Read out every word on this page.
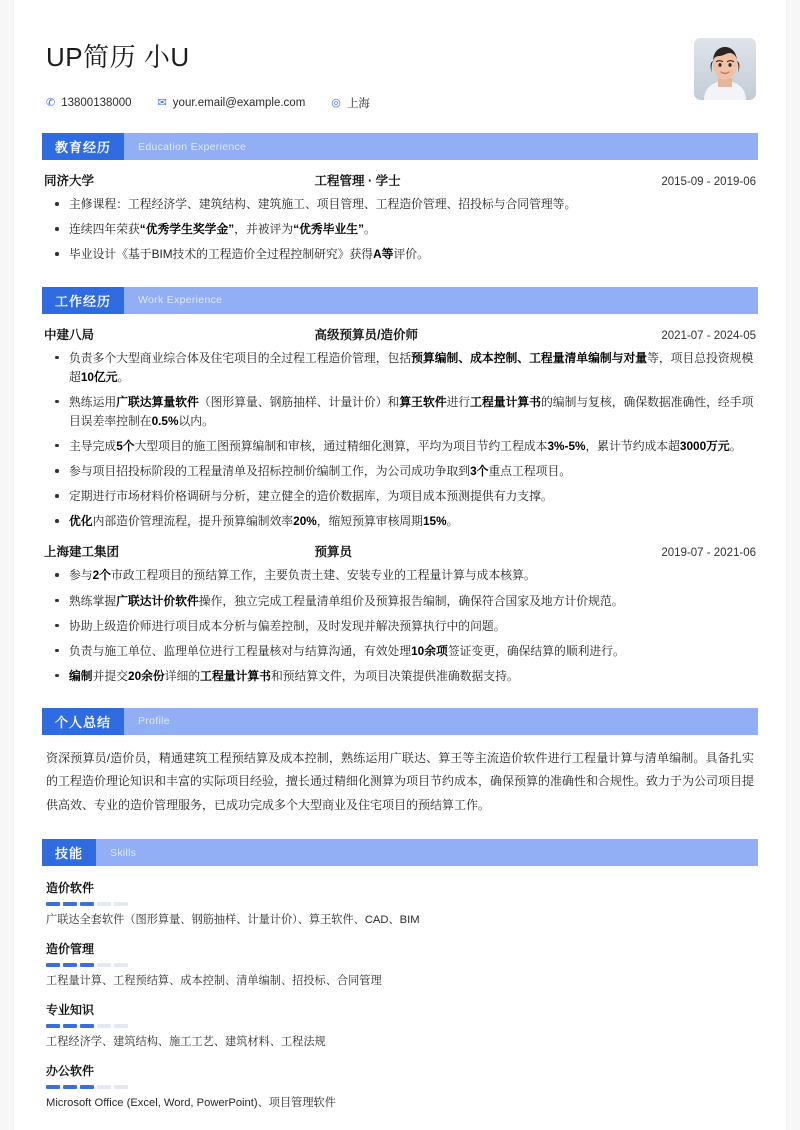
UP简历 小U
✆ 13800138000 ✉ your.email@example.com ◎ 上海
教育经历	Education Experience
同济大学	工程管理 · 学士	2015-09 - 2019-06
主修课程：工程经济学、建筑结构、建筑施工、项目管理、工程造价管理、招投标与合同管理等。
连续四年荣获“优秀学生奖学金”，并被评为“优秀毕业生”。
毕业设计《基于BIM技术的工程造价全过程控制研究》获得A等评价。
工作经历	Work Experience
中建八局	高级预算员/造价师	2021-07 - 2024-05
负责多个大型商业综合体及住宅项目的全过程工程造价管理，包括预算编制、成本控制、工程量清单编制与对量等，项目总投资规模超10亿元。
熟练运用广联达算量软件（图形算量、钢筋抽样、计量计价）和算王软件进行工程量计算书的编制与复核，确保数据准确性，经手项目误差率控制在0.5%以内。
主导完成5个大型项目的施工图预算编制和审核，通过精细化测算，平均为项目节约工程成本3%-5%，累计节约成本超3000万元。
参与项目招投标阶段的工程量清单及招标控制价编制工作，为公司成功争取到3个重点工程项目。
定期进行市场材料价格调研与分析，建立健全的造价数据库，为项目成本预测提供有力支撑。
优化内部造价管理流程，提升预算编制效率20%，缩短预算审核周期15%。
上海建工集团	预算员	2019-07 - 2021-06
参与2个市政工程项目的预结算工作，主要负责土建、安装专业的工程量计算与成本核算。
熟练掌握广联达计价软件操作，独立完成工程量清单组价及预算报告编制，确保符合国家及地方计价规范。
协助上级造价师进行项目成本分析与偏差控制，及时发现并解决预算执行中的问题。
负责与施工单位、监理单位进行工程量核对与结算沟通，有效处理10余项签证变更，确保结算的顺利进行。
编制并提交20余份详细的工程量计算书和预结算文件，为项目决策提供准确数据支持。
个人总结	Profile
资深预算员/造价员，精通建筑工程预结算及成本控制，熟练运用广联达、算王等主流造价软件进行工程量计算与清单编制。具备扎实的工程造价理论知识和丰富的实际项目经验，擅长通过精细化测算为项目节约成本，确保预算的准确性和合规性。致力于为公司项目提供高效、专业的造价管理服务，已成功完成多个大型商业及住宅项目的预结算工作。
技能	Skills
造价软件
广联达全套软件（图形算量、钢筋抽样、计量计价）、算王软件、CAD、BIM
造价管理
工程量计算、工程预结算、成本控制、清单编制、招投标、合同管理
专业知识
工程经济学、建筑结构、施工工艺、建筑材料、工程法规
办公软件
Microsoft Office (Excel, Word, PowerPoint)、项目管理软件
